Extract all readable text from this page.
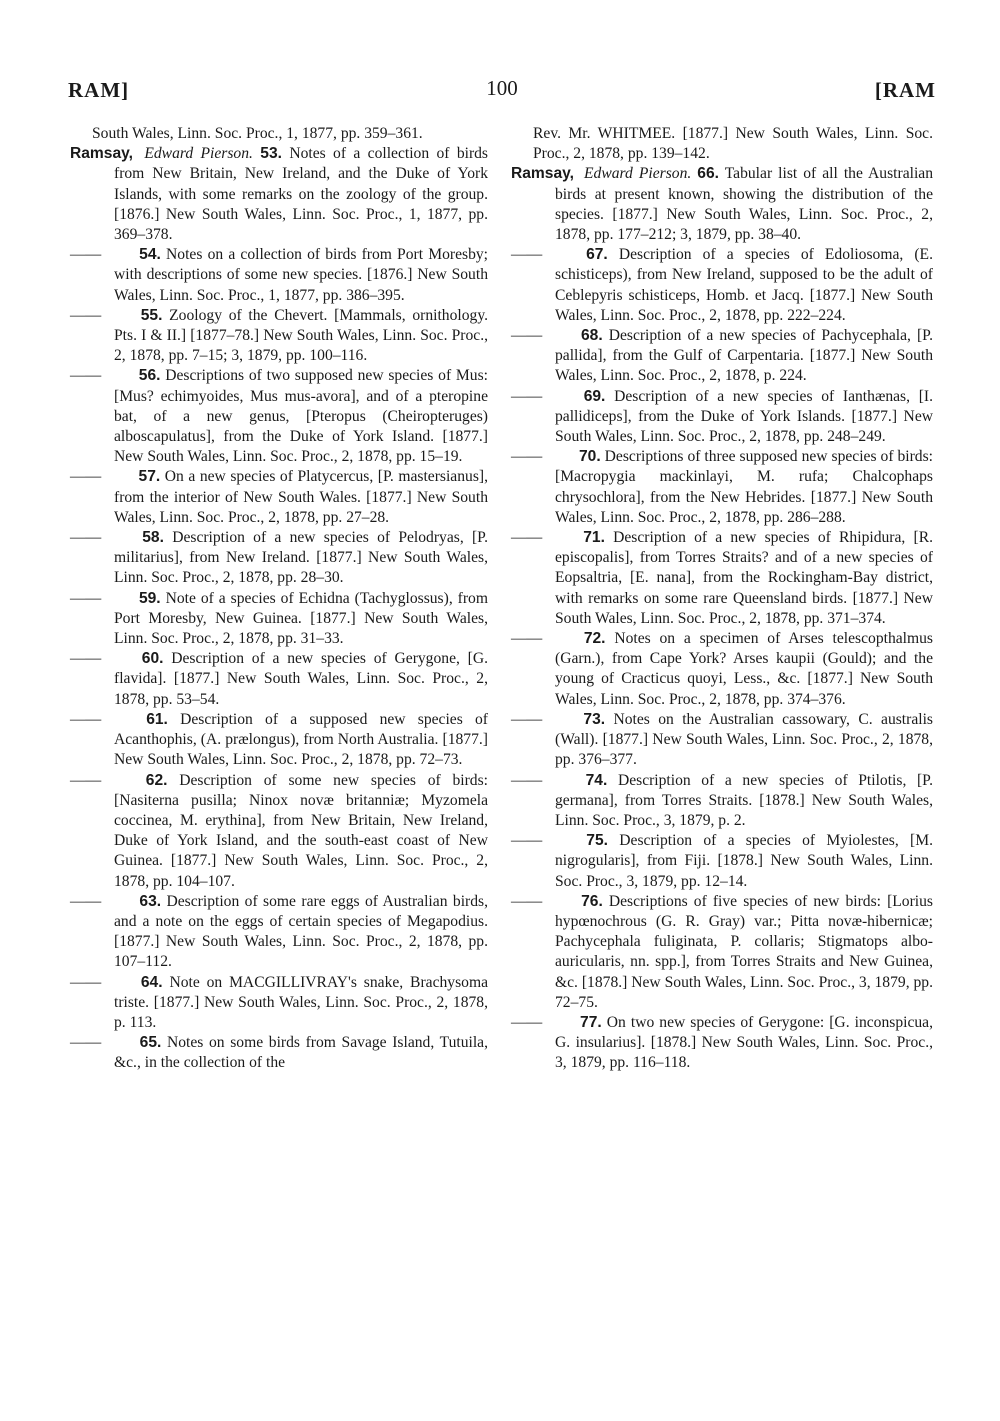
RAM]	100	[RAM

South Wales, Linn. Soc. Proc., 1, 1877, pp. 359–361.

Ramsay, Edward Pierson. 53. Notes of a collection of birds from New Britain, New Ireland, and the Duke of York Islands, with some remarks on the zoology of the group. [1876.] New South Wales, Linn. Soc. Proc., 1, 1877, pp. 369–378.

—— 54. Notes on a collection of birds from Port Moresby; with descriptions of some new species. [1876.] New South Wales, Linn. Soc. Proc., 1, 1877, pp. 386–395.

——	55. Zoology of the Chevert. [Mammals, ornithology. Pts. I & II.] [1877–78.] New South Wales, Linn. Soc. Proc., 2, 1878, pp. 7–15; 3, 1879, pp. 100–116.

—— 56. Descriptions of two supposed new species of Mus: [Mus? echimyoides, Mus mus-avora], and of a pteropine bat, of a new genus, [Pteropus (Cheiropteruges) alboscapulatus], from the Duke of York Island. [1877.] New South Wales, Linn. Soc. Proc., 2, 1878, pp. 15–19.

—— 57. On a new species of Platycercus, [P. mastersianus], from the interior of New South Wales. [1877.] New South Wales, Linn. Soc. Proc., 2, 1878, pp. 27–28.

——	58. Description of a new species of Pelodryas, [P. militarius], from New Ireland. [1877.] New South Wales, Linn. Soc. Proc., 2, 1878, pp. 28–30.

—— 59. Note of a species of Echidna (Tachyglossus), from Port Moresby, New Guinea. [1877.] New South Wales, Linn. Soc. Proc., 2, 1878, pp. 31–33.

——	60. Description of a new species of Gerygone, [G. flavida]. [1877.] New South Wales, Linn. Soc. Proc., 2, 1878, pp. 53–54.

——	61. Description of a supposed new species of Acanthophis, (A. prælongus), from North Australia. [1877.] New South Wales, Linn. Soc. Proc., 2, 1878, pp. 72–73.

——	62. Description of some new species of birds: [Nasiterna pusilla; Ninox novæ britanniæ; Myzomela coccinea, M. erythina], from New Britain, New Ireland, Duke of York Island, and the south-east coast of New Guinea. [1877.] New South Wales, Linn. Soc. Proc., 2, 1878, pp. 104–107.

—— 63. Description of some rare eggs of Australian birds, and a note on the eggs of certain species of Megapodius. [1877.] New South Wales, Linn. Soc. Proc., 2, 1878, pp. 107–112.

——	64. Note on MACGILLIVRAY's snake, Brachysoma triste. [1877.] New South Wales, Linn. Soc. Proc., 2, 1878, p. 113.

—— 65. Notes on some birds from Savage Island, Tutuila, &c., in the collection of the

Rev. Mr. WHITMEE. [1877.] New South Wales, Linn. Soc. Proc., 2, 1878, pp. 139–142.

Ramsay, Edward Pierson. 66. Tabular list of all the Australian birds at present known, showing the distribution of the species. [1877.] New South Wales, Linn. Soc. Proc., 2, 1878, pp. 177–212; 3, 1879, pp. 38–40.

——	67. Description of a species of Edoliosoma, (E. schisticeps), from New Ireland, supposed to be the adult of Ceblepyris schisticeps, Homb. et Jacq. [1877.] New South Wales, Linn. Soc. Proc., 2, 1878, pp. 222–224.

—— 68. Description of a new species of Pachycephala, [P. pallida], from the Gulf of Carpentaria. [1877.] New South Wales, Linn. Soc. Proc., 2, 1878, p. 224.

——	69. Description of a new species of Ianthænas, [I. pallidiceps], from the Duke of York Islands. [1877.] New South Wales, Linn. Soc. Proc., 2, 1878, pp. 248–249.

—— 70. Descriptions of three supposed new species of birds: [Macropygia mackinlayi, M. rufa; Chalcophaps chrysochlora], from the New Hebrides. [1877.] New South Wales, Linn. Soc. Proc., 2, 1878, pp. 286–288.

——	71. Description of a new species of Rhipidura, [R. episcopalis], from Torres Straits? and of a new species of Eopsaltria, [E. nana], from the Rockingham-Bay district, with remarks on some rare Queensland birds. [1877.] New South Wales, Linn. Soc. Proc., 2, 1878, pp. 371–374.

——	72. Notes on a specimen of Arses telescopthalmus (Garn.), from Cape York? Arses kaupii (Gould); and the young of Cracticus quoyi, Less., &c. [1877.] New South Wales, Linn. Soc. Proc., 2, 1878, pp. 374–376.

——	73. Notes on the Australian cassowary, C. australis (Wall). [1877.] New South Wales, Linn. Soc. Proc., 2, 1878, pp. 376–377.

——	74. Description of a new species of Ptilotis, [P. germana], from Torres Straits. [1878.] New South Wales, Linn. Soc. Proc., 3, 1879, p. 2.

——	75. Description of a species of Myiolestes, [M. nigrogularis], from Fiji. [1878.] New South Wales, Linn. Soc. Proc., 3, 1879, pp. 12–14.

—— 76. Descriptions of five species of new birds: [Lorius hypœnochrous (G. R. Gray) var.; Pitta novæ-hibernicæ; Pachycephala fuliginata, P. collaris; Stigmatops albo-auricularis, nn. spp.], from Torres Straits and New Guinea, &c. [1878.] New South Wales, Linn. Soc. Proc., 3, 1879, pp. 72–75.

—— 77. On two new species of Gerygone: [G. inconspicua, G. insularius]. [1878.] New South Wales, Linn. Soc. Proc., 3, 1879, pp. 116–118.
